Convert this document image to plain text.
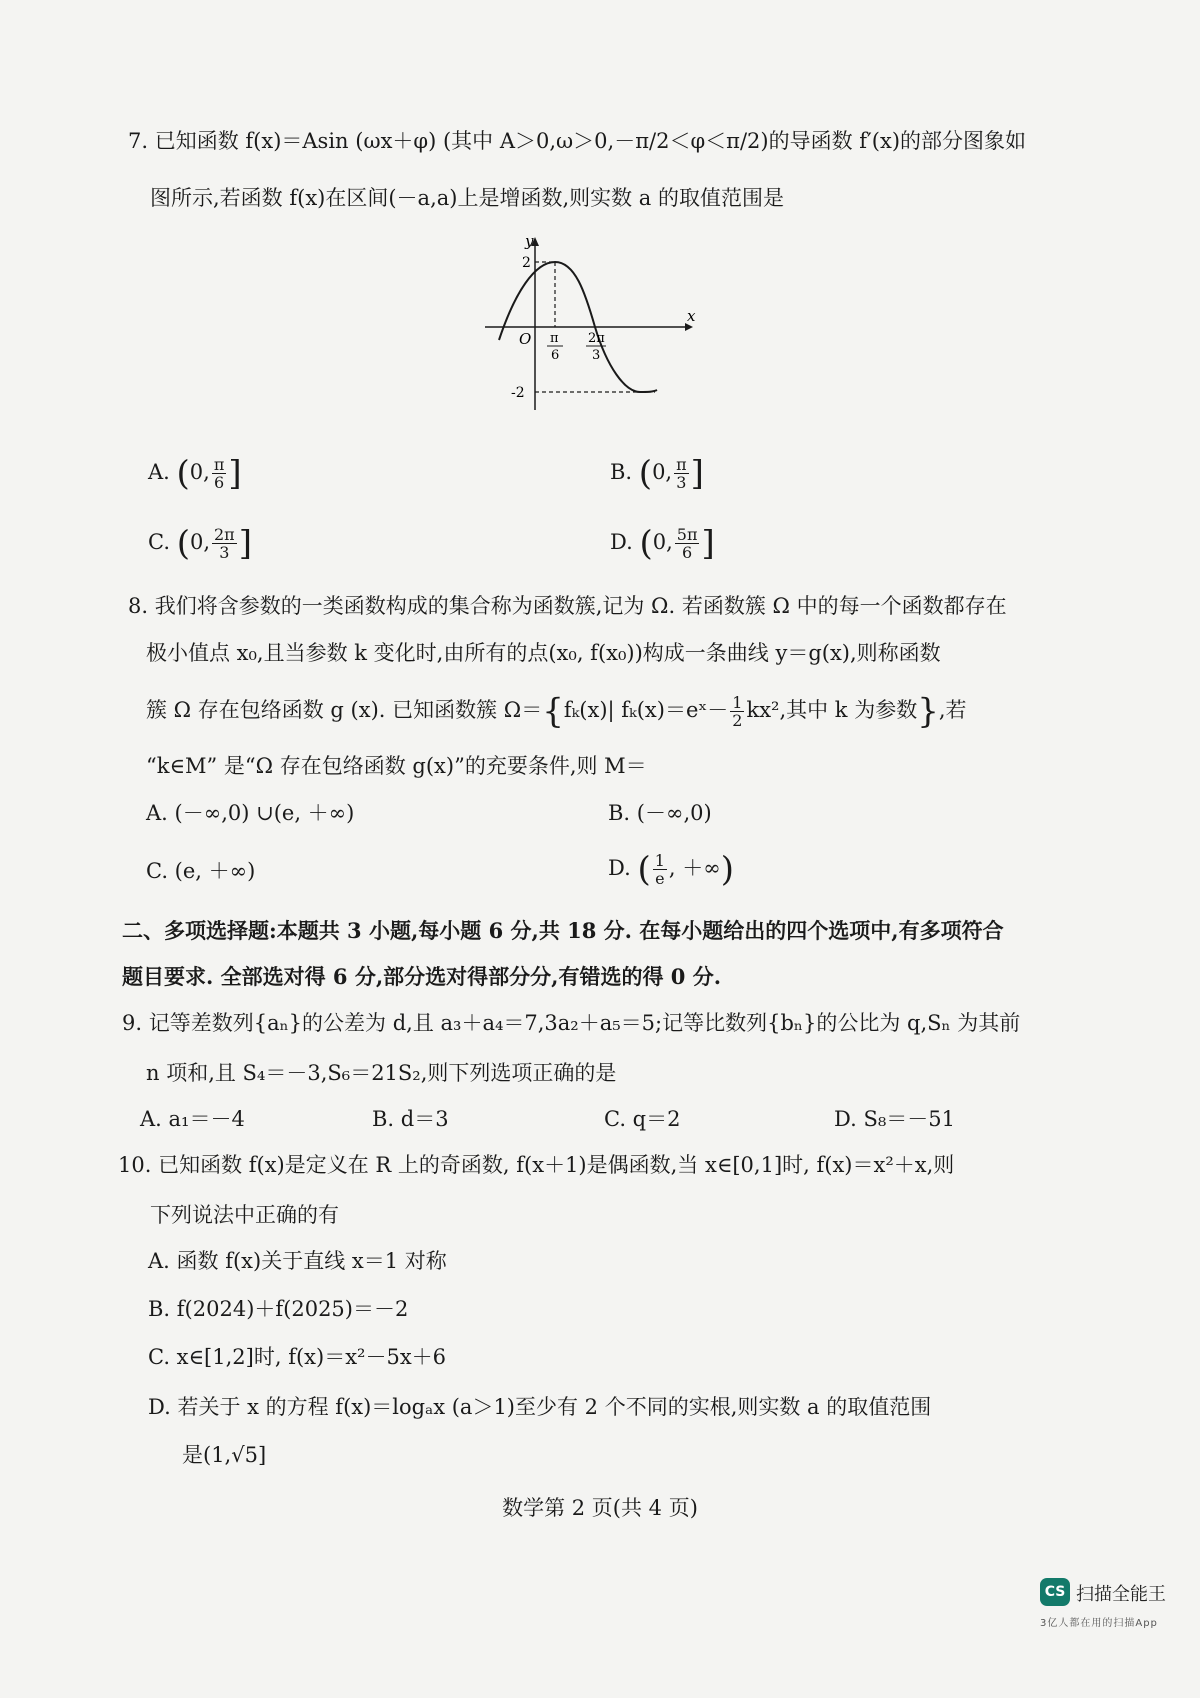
7. 已知函数 f(x)＝Asin (ωx＋φ) (其中 A＞0,ω＞0,－π/2＜φ＜π/2)的导函数 f′(x)的部分图象如
图所示,若函数 f(x)在区间(－a,a)上是增函数,则实数 a 的取值范围是
y
x
O
2
-2
π
6
2π
3
A. (0, $\frac{\pi}{6}$ ]	B. (0, $\frac{\pi}{3}$ ]
C. (0, $\frac{2\pi}{3}$ ]	D. (0, $\frac{5\pi}{6}$ ]
8. 我们将含参数的一类函数构成的集合称为函数簇,记为 Ω. 若函数簇 Ω 中的每一个函数都存在
极小值点 x₀,且当参数 k 变化时,由所有的点(x₀, f(x₀))构成一条曲线 y＝g(x),则称函数
簇 Ω 存在包络函数 g (x). 已知函数簇 Ω＝{fₖ(x)| fₖ(x)＝eˣ－ $\frac{1}{2} kx^2$,其中 k 为参数},若
“k∈M” 是“Ω 存在包络函数 g(x)”的充要条件,则 M＝
A. (－∞,0) ∪(e, ＋∞)	B. (－∞,0)
C. (e, ＋∞)	D. ( $\frac{1}{e}$ , ＋∞)
二、多项选择题:本题共 3 小题,每小题 6 分,共 18 分. 在每小题给出的四个选项中,有多项符合
题目要求. 全部选对得 6 分,部分选对得部分分,有错选的得 0 分.
9. 记等差数列{aₙ}的公差为 d,且 a₃＋a₄＝7,3a₂＋a₅＝5;记等比数列{bₙ}的公比为 q,Sₙ 为其前
n 项和,且 S₄＝－3,S₆＝21S₂,则下列选项正确的是
A. a₁＝－4	B. d＝3	C. q＝2	D. S₈＝－51
10. 已知函数 f(x)是定义在 R 上的奇函数, f(x＋1)是偶函数,当 x∈[0,1]时, f(x)＝x²＋x,则
下列说法中正确的有
A. 函数 f(x)关于直线 x＝1 对称
B. f(2024)＋f(2025)＝－2
C. x∈[1,2]时, f(x)＝x²－5x＋6
D. 若关于 x 的方程 f(x)＝logₐx (a＞1)至少有 2 个不同的实根,则实数 a 的取值范围
是(1,√5]
数学第 2 页(共 4 页)
CS 扫描全能王
3亿人都在用的扫描App
